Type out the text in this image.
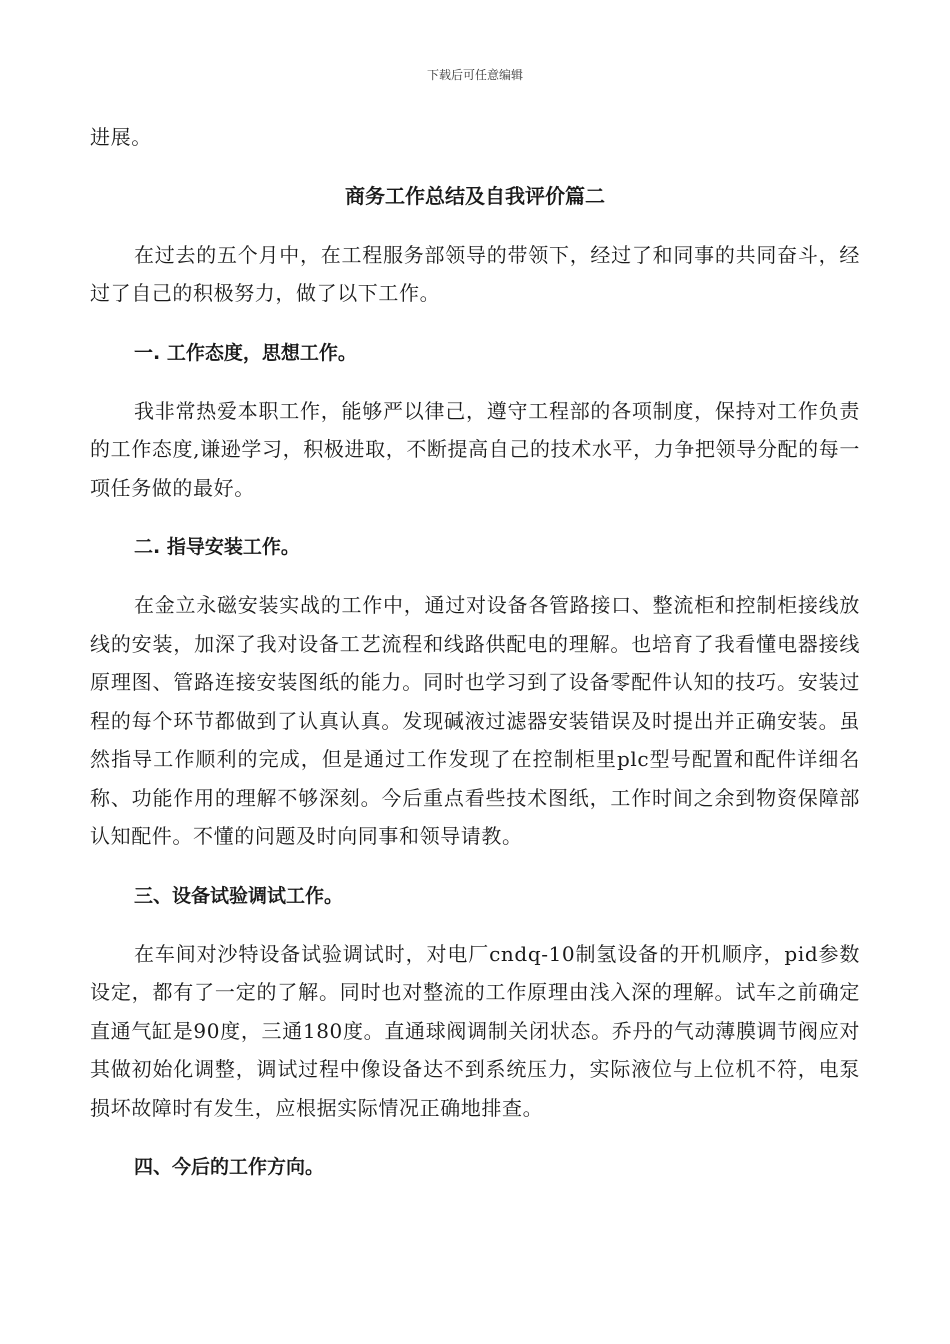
下载后可任意编辑

进展。

商务工作总结及自我评价篇二

在过去的五个月中，在工程服务部领导的带领下，经过了和同事的共同奋斗，经过了自己的积极努力，做了以下工作。

一. 工作态度，思想工作。

我非常热爱本职工作，能够严以律己，遵守工程部的各项制度，保持对工作负责的工作态度,谦逊学习，积极进取，不断提高自己的技术水平，力争把领导分配的每一项任务做的最好。

二. 指导安装工作。

在金立永磁安装实战的工作中，通过对设备各管路接口、整流柜和控制柜接线放线的安装，加深了我对设备工艺流程和线路供配电的理解。也培育了我看懂电器接线原理图、管路连接安装图纸的能力。同时也学习到了设备零配件认知的技巧。安装过程的每个环节都做到了认真认真。发现碱液过滤器安装错误及时提出并正确安装。虽然指导工作顺利的完成，但是通过工作发现了在控制柜里plc型号配置和配件详细名称、功能作用的理解不够深刻。今后重点看些技术图纸，工作时间之余到物资保障部认知配件。不懂的问题及时向同事和领导请教。

三、设备试验调试工作。

在车间对沙特设备试验调试时，对电厂cndq-10制氢设备的开机顺序，pid参数设定，都有了一定的了解。同时也对整流的工作原理由浅入深的理解。试车之前确定直通气缸是90度，三通180度。直通球阀调制关闭状态。乔丹的气动薄膜调节阀应对其做初始化调整，调试过程中像设备达不到系统压力，实际液位与上位机不符，电泵损坏故障时有发生，应根据实际情况正确地排查。

四、今后的工作方向。
